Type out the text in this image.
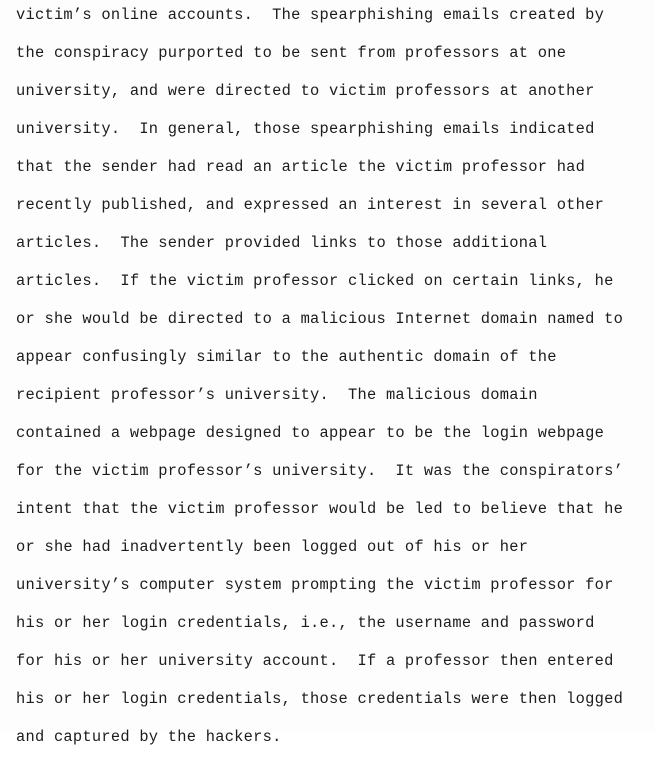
victim’s online accounts.  The spearphishing emails created by
the conspiracy purported to be sent from professors at one
university, and were directed to victim professors at another
university.  In general, those spearphishing emails indicated
that the sender had read an article the victim professor had
recently published, and expressed an interest in several other
articles.  The sender provided links to those additional
articles.  If the victim professor clicked on certain links, he
or she would be directed to a malicious Internet domain named to
appear confusingly similar to the authentic domain of the
recipient professor’s university.  The malicious domain
contained a webpage designed to appear to be the login webpage
for the victim professor’s university.  It was the conspirators’
intent that the victim professor would be led to believe that he
or she had inadvertently been logged out of his or her
university’s computer system prompting the victim professor for
his or her login credentials, i.e., the username and password
for his or her university account.  If a professor then entered
his or her login credentials, those credentials were then logged
and captured by the hackers.
